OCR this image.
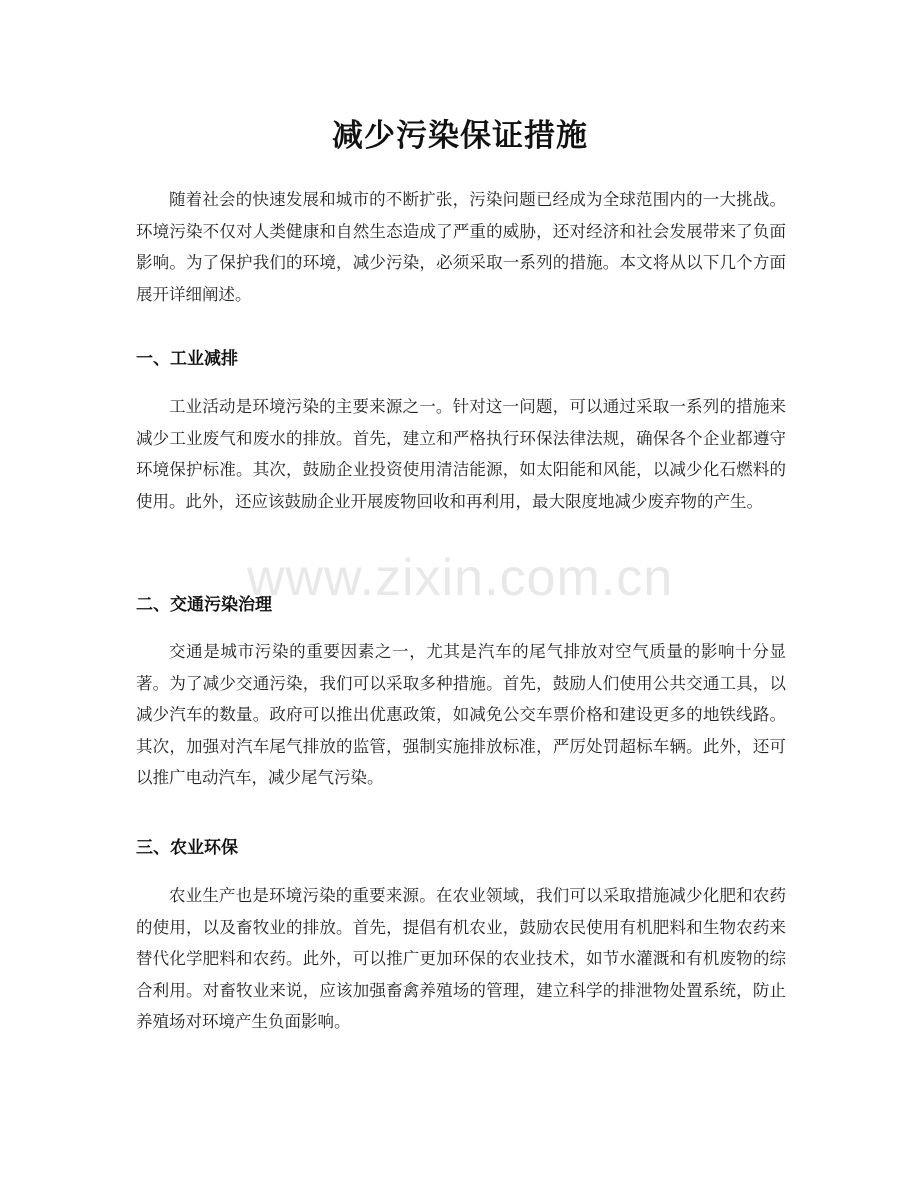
减少污染保证措施

随着社会的快速发展和城市的不断扩张，污染问题已经成为全球范围内的一大挑战。环境污染不仅对人类健康和自然生态造成了严重的威胁，还对经济和社会发展带来了负面影响。为了保护我们的环境，减少污染，必须采取一系列的措施。本文将从以下几个方面展开详细阐述。

一、工业减排

工业活动是环境污染的主要来源之一。针对这一问题，可以通过采取一系列的措施来减少工业废气和废水的排放。首先，建立和严格执行环保法律法规，确保各个企业都遵守环境保护标准。其次，鼓励企业投资使用清洁能源，如太阳能和风能，以减少化石燃料的使用。此外，还应该鼓励企业开展废物回收和再利用，最大限度地减少废弃物的产生。

二、交通污染治理

交通是城市污染的重要因素之一，尤其是汽车的尾气排放对空气质量的影响十分显著。为了减少交通污染，我们可以采取多种措施。首先，鼓励人们使用公共交通工具，以减少汽车的数量。政府可以推出优惠政策，如减免公交车票价格和建设更多的地铁线路。其次，加强对汽车尾气排放的监管，强制实施排放标准，严厉处罚超标车辆。此外，还可以推广电动汽车，减少尾气污染。

三、农业环保

农业生产也是环境污染的重要来源。在农业领域，我们可以采取措施减少化肥和农药的使用，以及畜牧业的排放。首先，提倡有机农业，鼓励农民使用有机肥料和生物农药来替代化学肥料和农药。此外，可以推广更加环保的农业技术，如节水灌溉和有机废物的综合利用。对畜牧业来说，应该加强畜禽养殖场的管理，建立科学的排泄物处置系统，防止养殖场对环境产生负面影响。

www.zixin.com.cn
